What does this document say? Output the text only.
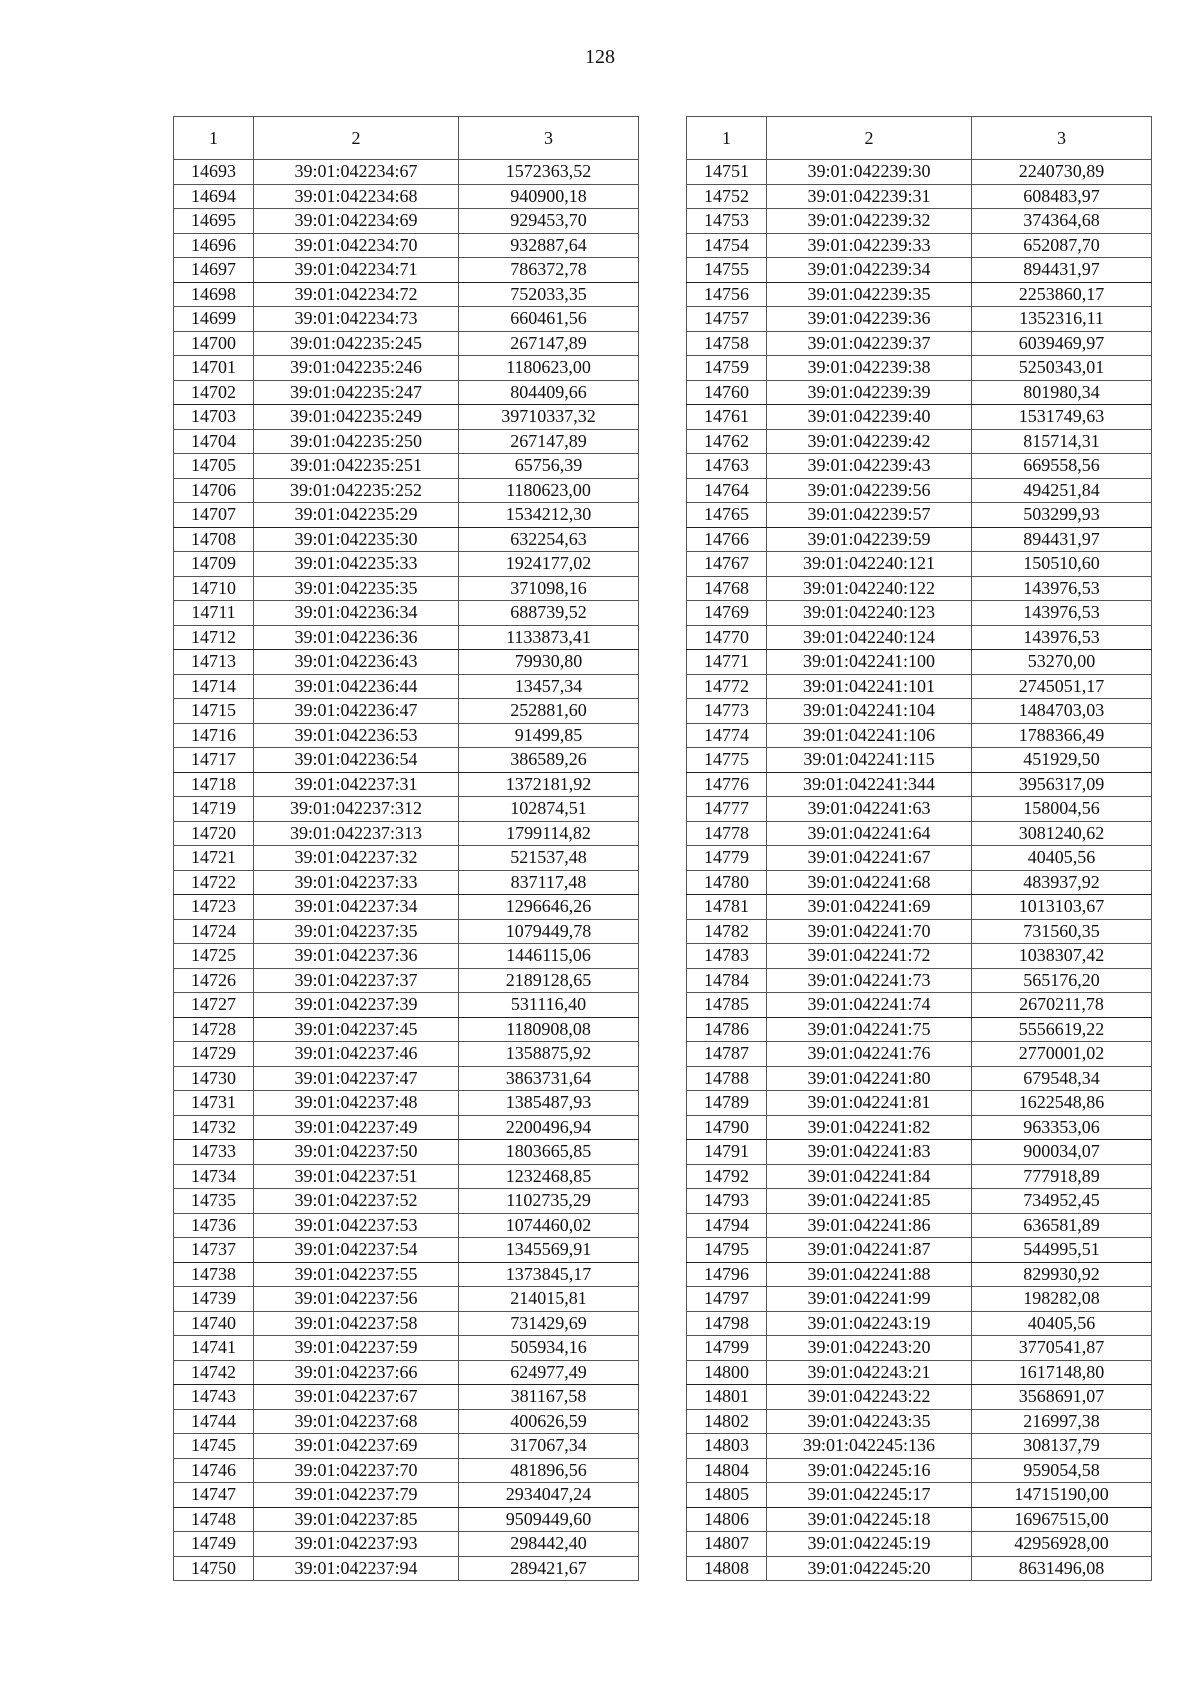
128
1	2	3
14693	39:01:042234:67	1572363,52
14694	39:01:042234:68	940900,18
14695	39:01:042234:69	929453,70
14696	39:01:042234:70	932887,64
14697	39:01:042234:71	786372,78
14698	39:01:042234:72	752033,35
14699	39:01:042234:73	660461,56
14700	39:01:042235:245	267147,89
14701	39:01:042235:246	1180623,00
14702	39:01:042235:247	804409,66
14703	39:01:042235:249	39710337,32
14704	39:01:042235:250	267147,89
14705	39:01:042235:251	65756,39
14706	39:01:042235:252	1180623,00
14707	39:01:042235:29	1534212,30
14708	39:01:042235:30	632254,63
14709	39:01:042235:33	1924177,02
14710	39:01:042235:35	371098,16
14711	39:01:042236:34	688739,52
14712	39:01:042236:36	1133873,41
14713	39:01:042236:43	79930,80
14714	39:01:042236:44	13457,34
14715	39:01:042236:47	252881,60
14716	39:01:042236:53	91499,85
14717	39:01:042236:54	386589,26
14718	39:01:042237:31	1372181,92
14719	39:01:042237:312	102874,51
14720	39:01:042237:313	1799114,82
14721	39:01:042237:32	521537,48
14722	39:01:042237:33	837117,48
14723	39:01:042237:34	1296646,26
14724	39:01:042237:35	1079449,78
14725	39:01:042237:36	1446115,06
14726	39:01:042237:37	2189128,65
14727	39:01:042237:39	531116,40
14728	39:01:042237:45	1180908,08
14729	39:01:042237:46	1358875,92
14730	39:01:042237:47	3863731,64
14731	39:01:042237:48	1385487,93
14732	39:01:042237:49	2200496,94
14733	39:01:042237:50	1803665,85
14734	39:01:042237:51	1232468,85
14735	39:01:042237:52	1102735,29
14736	39:01:042237:53	1074460,02
14737	39:01:042237:54	1345569,91
14738	39:01:042237:55	1373845,17
14739	39:01:042237:56	214015,81
14740	39:01:042237:58	731429,69
14741	39:01:042237:59	505934,16
14742	39:01:042237:66	624977,49
14743	39:01:042237:67	381167,58
14744	39:01:042237:68	400626,59
14745	39:01:042237:69	317067,34
14746	39:01:042237:70	481896,56
14747	39:01:042237:79	2934047,24
14748	39:01:042237:85	9509449,60
14749	39:01:042237:93	298442,40
14750	39:01:042237:94	289421,67
1	2	3
14751	39:01:042239:30	2240730,89
14752	39:01:042239:31	608483,97
14753	39:01:042239:32	374364,68
14754	39:01:042239:33	652087,70
14755	39:01:042239:34	894431,97
14756	39:01:042239:35	2253860,17
14757	39:01:042239:36	1352316,11
14758	39:01:042239:37	6039469,97
14759	39:01:042239:38	5250343,01
14760	39:01:042239:39	801980,34
14761	39:01:042239:40	1531749,63
14762	39:01:042239:42	815714,31
14763	39:01:042239:43	669558,56
14764	39:01:042239:56	494251,84
14765	39:01:042239:57	503299,93
14766	39:01:042239:59	894431,97
14767	39:01:042240:121	150510,60
14768	39:01:042240:122	143976,53
14769	39:01:042240:123	143976,53
14770	39:01:042240:124	143976,53
14771	39:01:042241:100	53270,00
14772	39:01:042241:101	2745051,17
14773	39:01:042241:104	1484703,03
14774	39:01:042241:106	1788366,49
14775	39:01:042241:115	451929,50
14776	39:01:042241:344	3956317,09
14777	39:01:042241:63	158004,56
14778	39:01:042241:64	3081240,62
14779	39:01:042241:67	40405,56
14780	39:01:042241:68	483937,92
14781	39:01:042241:69	1013103,67
14782	39:01:042241:70	731560,35
14783	39:01:042241:72	1038307,42
14784	39:01:042241:73	565176,20
14785	39:01:042241:74	2670211,78
14786	39:01:042241:75	5556619,22
14787	39:01:042241:76	2770001,02
14788	39:01:042241:80	679548,34
14789	39:01:042241:81	1622548,86
14790	39:01:042241:82	963353,06
14791	39:01:042241:83	900034,07
14792	39:01:042241:84	777918,89
14793	39:01:042241:85	734952,45
14794	39:01:042241:86	636581,89
14795	39:01:042241:87	544995,51
14796	39:01:042241:88	829930,92
14797	39:01:042241:99	198282,08
14798	39:01:042243:19	40405,56
14799	39:01:042243:20	3770541,87
14800	39:01:042243:21	1617148,80
14801	39:01:042243:22	3568691,07
14802	39:01:042243:35	216997,38
14803	39:01:042245:136	308137,79
14804	39:01:042245:16	959054,58
14805	39:01:042245:17	14715190,00
14806	39:01:042245:18	16967515,00
14807	39:01:042245:19	42956928,00
14808	39:01:042245:20	8631496,08
